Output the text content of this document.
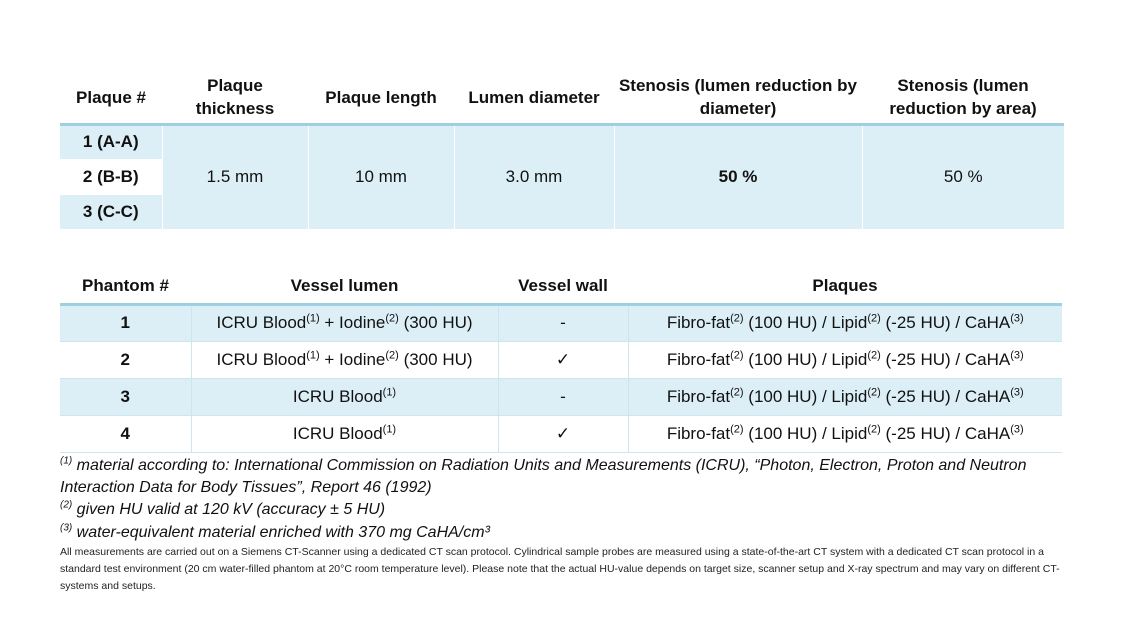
Plaque #	Plaque thickness	Plaque length	Lumen diameter	Stenosis (lumen reduction by diameter)	Stenosis (lumen reduction by area)
1 (A-A)	1.5 mm	10 mm	3.0 mm	50 %	50 %
2 (B-B)					
3 (C-C)					
Phantom #	Vessel lumen	Vessel wall	Plaques
1	ICRU Blood$^{(1)}$ + Iodine$^{(2)}$ (300 HU)	-	Fibro-fat$^{(2)}$ (100 HU) / Lipid$^{(2)}$ (-25 HU) / CaHA$^{(3)}$
2	ICRU Blood$^{(1)}$ + Iodine$^{(2)}$ (300 HU)	✓	Fibro-fat$^{(2)}$ (100 HU) / Lipid$^{(2)}$ (-25 HU) / CaHA$^{(3)}$
3	ICRU Blood$^{(1)}$	-	Fibro-fat$^{(2)}$ (100 HU) / Lipid$^{(2)}$ (-25 HU) / CaHA$^{(3)}$
4	ICRU Blood$^{(1)}$	✓	Fibro-fat$^{(2)}$ (100 HU) / Lipid$^{(2)}$ (-25 HU) / CaHA$^{(3)}$
$^{(1)}$ material according to: International Commission on Radiation Units and Measurements (ICRU), “Photon, Electron, Proton and Neutron Interaction Data for Body Tissues”, Report 46 (1992)
$^{(2)}$ given HU valid at 120 kV (accuracy ± 5 HU)
$^{(3)}$ water-equivalent material enriched with 370 mg CaHA/cm³
All measurements are carried out on a Siemens CT-Scanner using a dedicated CT scan protocol. Cylindrical sample probes are measured using a state-of-the-art CT system with a dedicated CT scan protocol in a standard test environment (20 cm water-filled phantom at 20°C room temperature level). Please note that the actual HU-value depends on target size, scanner setup and X-ray spectrum and may vary on different CT-systems and setups.
